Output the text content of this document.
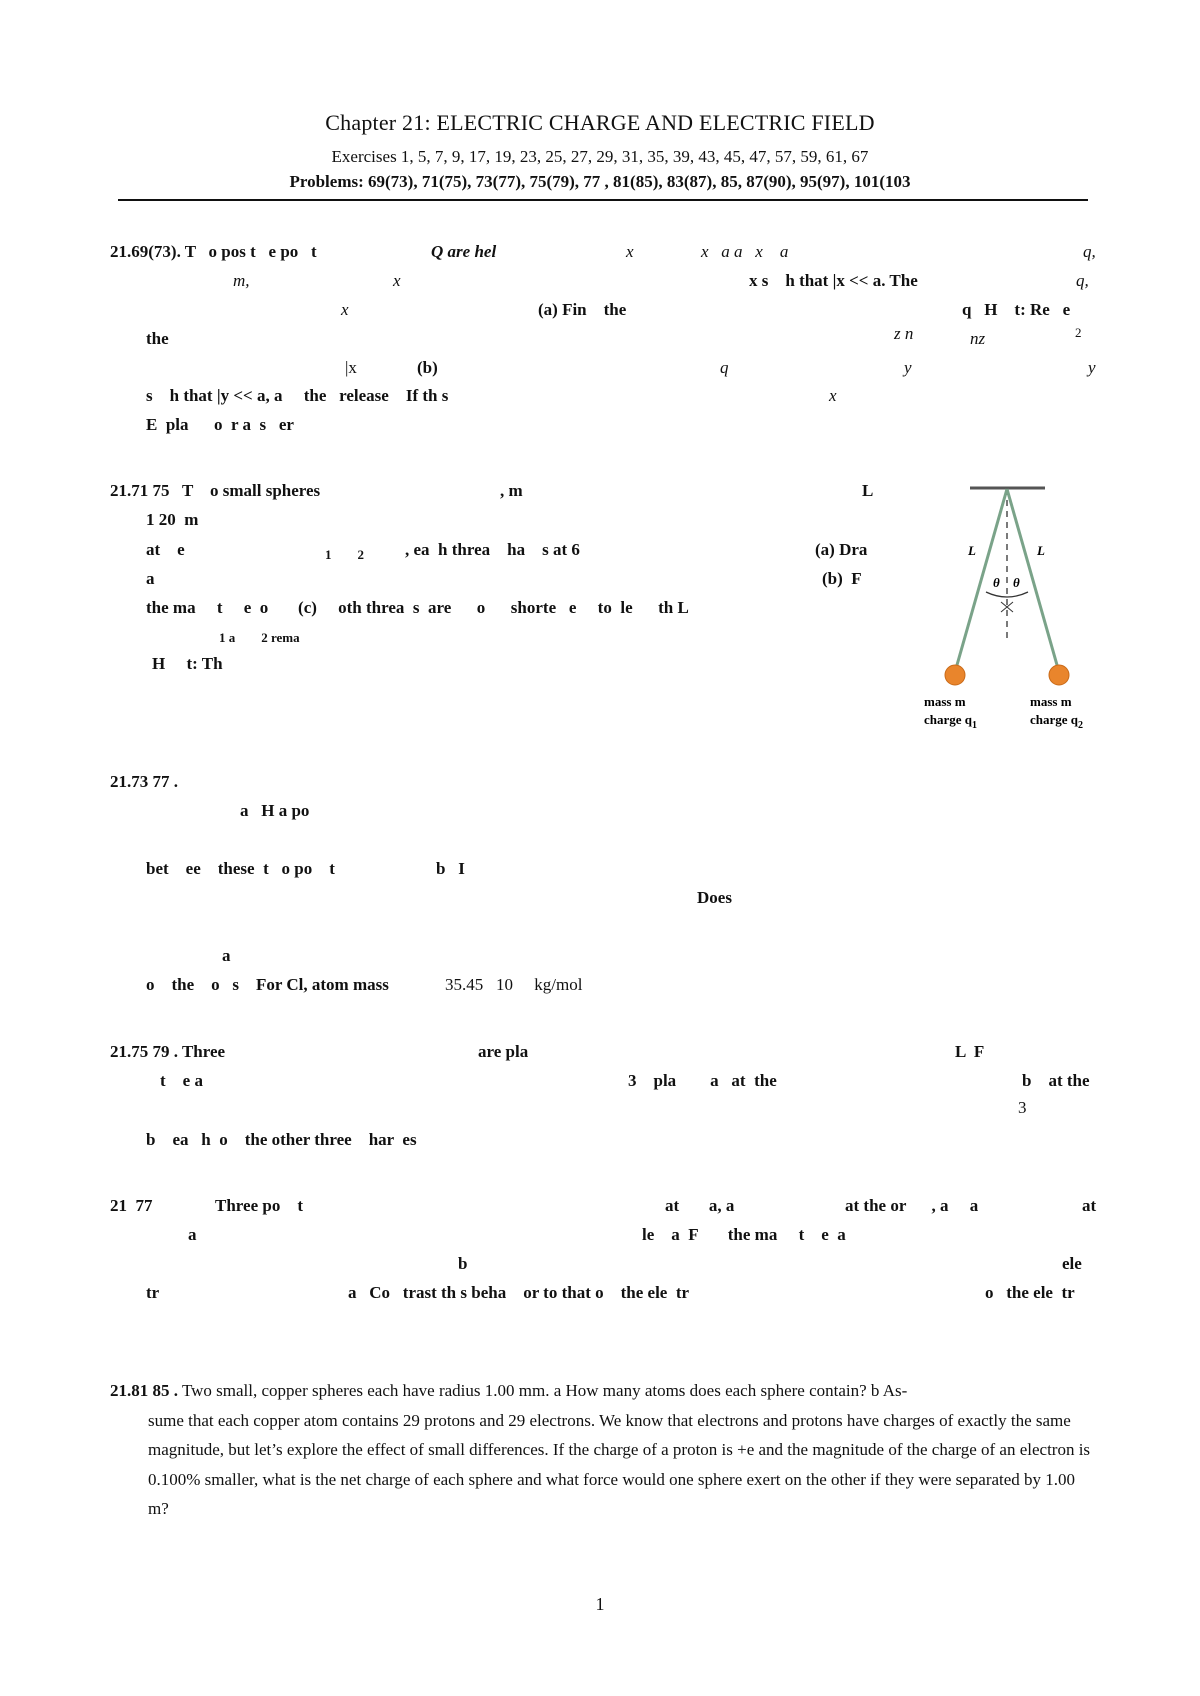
Chapter 21: ELECTRIC CHARGE AND ELECTRIC FIELD
Exercises 1, 5, 7, 9, 17, 19, 23, 25, 27, 29, 31, 35, 39, 43, 45, 47, 57, 59, 61, 67
Problems: 69(73), 71(75), 73(77), 75(79), 77 , 81(85), 83(87), 85, 87(90), 95(97), 101(103
21.69(73). T   o pos t   e po   t	Q are hel	x	x   a a   x    a	q,
m,	x	x s    h that |x << a. The	q,
x	(a) Fin    the	q   H    t: Re   e
the	z n	nz	2
|x	(b)	q	y	y
s    h that |y << a, a     the   release    If th s	x
E  pla      o  r a  s   er
21.71 75   T    o small spheres	, m	L
1 20  m
at    e	1        2 , ea  h threa    ha    s at 6	(a) Dra
a	(b)  F
the ma     t     e  o       (c)     oth threa  s  are      o      shorte   e     to  le      th L
1 a        2 rema
H     t: Th
L	L
θ θ
mass m
charge $q_1$
mass m
charge $q_2$
21.73 77 .
a   H a po
bet    ee    these  t   o po    t	b   I
Does
a
o    the    o   s    For Cl, atom mass	35.45   10     kg/mol
21.75 79 . Three	are pla	L  F
t    e a	3    pla        a   at  the	b    at the
3
b    ea   h  o    the other three    har  es
21  77	Three po    t	at       a, a	at the or      , a     a	at
a	le    a  F       the ma     t    e  a
b	ele
tr	a   Co   trast th s beha    or to that o    the ele  tr	o   the ele  tr
21.81 85 . Two small, copper spheres each have radius 1.00 mm. a How many atoms does each sphere contain? b As-
sume that each copper atom contains 29 protons and 29 electrons. We know that electrons and protons have charges of exactly the same magnitude, but let’s explore the effect of small differences. If the charge of a proton is +e and the magnitude of the charge of an electron is 0.100% smaller, what is the net charge of each sphere and what force would one sphere exert on the other if they were separated by 1.00 m?
1
